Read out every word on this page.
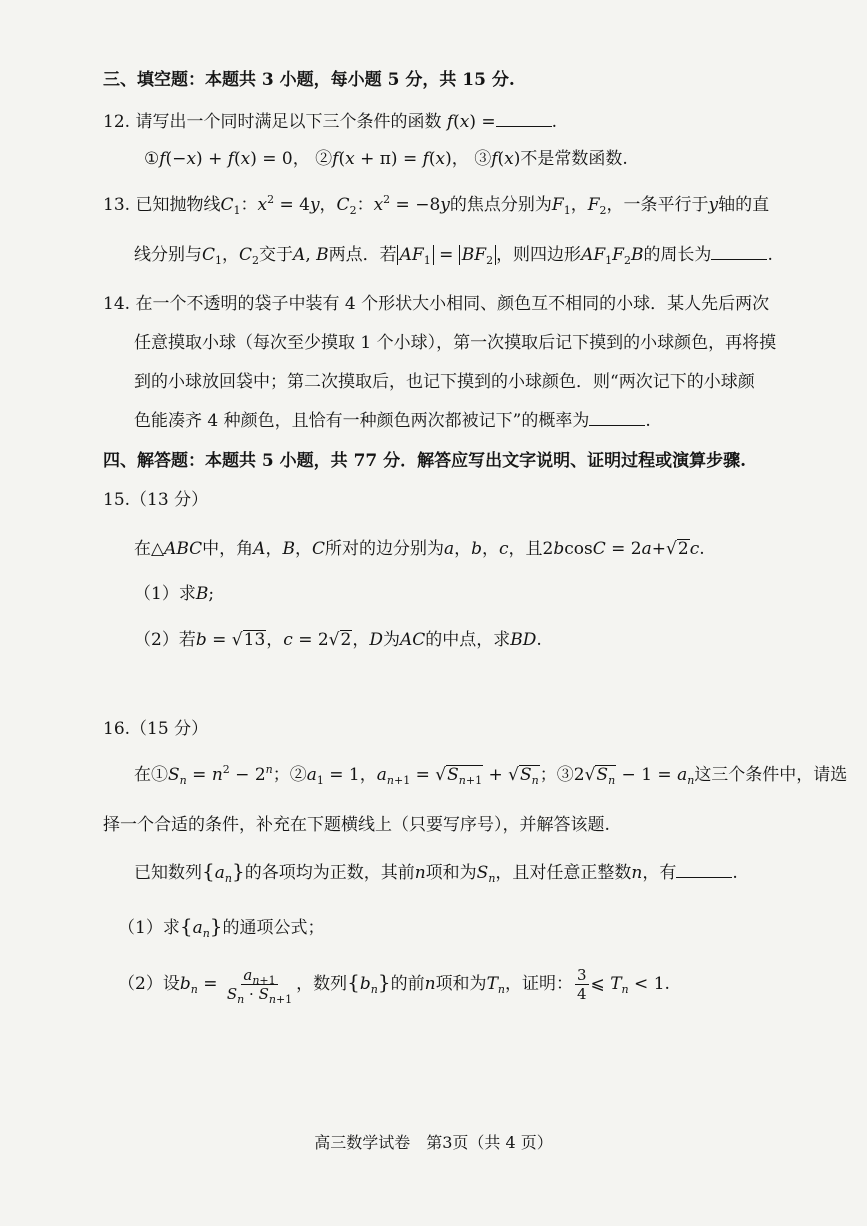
三、填空题：本题共 3 小题，每小题 5 分，共 15 分.
12. 请写出一个同时满足以下三个条件的函数 f(x) =	.
①f(−x) + f(x) = 0， ②f(x + π) = f(x)， ③f(x)不是常数函数.
13. 已知抛物线$C_1$：$x^2 = 4y$，$C_2$：$x^2 = -8y$的焦点分别为$F_1$，$F_2$，一条平行于y轴的直
线分别与$C_1$，$C_2$交于A, B两点．若 $AF_1 = BF_2$ ，则四边形$AF_1F_2B$的周长为	.
14. 在一个不透明的袋子中装有 4 个形状大小相同、颜色互不相同的小球．某人先后两次
任意摸取小球（每次至少摸取 1 个小球），第一次摸取后记下摸到的小球颜色，再将摸
到的小球放回袋中；第二次摸取后，也记下摸到的小球颜色．则“两次记下的小球颜
色能凑齐 4 种颜色，且恰有一种颜色两次都被记下”的概率为	.
四、解答题：本题共 5 小题，共 77 分．解答应写出文字说明、证明过程或演算步骤.
15.（13 分）
在△ABC中，角A，B，C所对的边分别为a，b，c，且2bcosC = 2a+√2c.
（1）求B;
（2）若b = √13，c = 2√2，D为AC的中点，求BD.
16.（15 分）
在$①S_n = n^2 - 2^n$；$②a_1 = 1$，$a_{n+1} = √S_{n+1} + √S_n$；$③2√S_n - 1 = a_n$这三个条件中，请选
择一个合适的条件，补充在下题横线上（只要写序号），并解答该题.
已知数列$\{a_n\}$的各项均为正数，其前n项和为$S_n$，且对任意正整数n，有	.
（1）求$\{a_n\}$的通项公式；
（2）设$b_n = \frac{a_{n+1}}{S_n \cdot S_{n+1}}$ ，数列$\{b_n\}$的前n项和为$T_n$，证明： $\frac{3}{4}$ ⩽ $T_n < 1$.
高三数学试卷　第3页（共 4 页）
